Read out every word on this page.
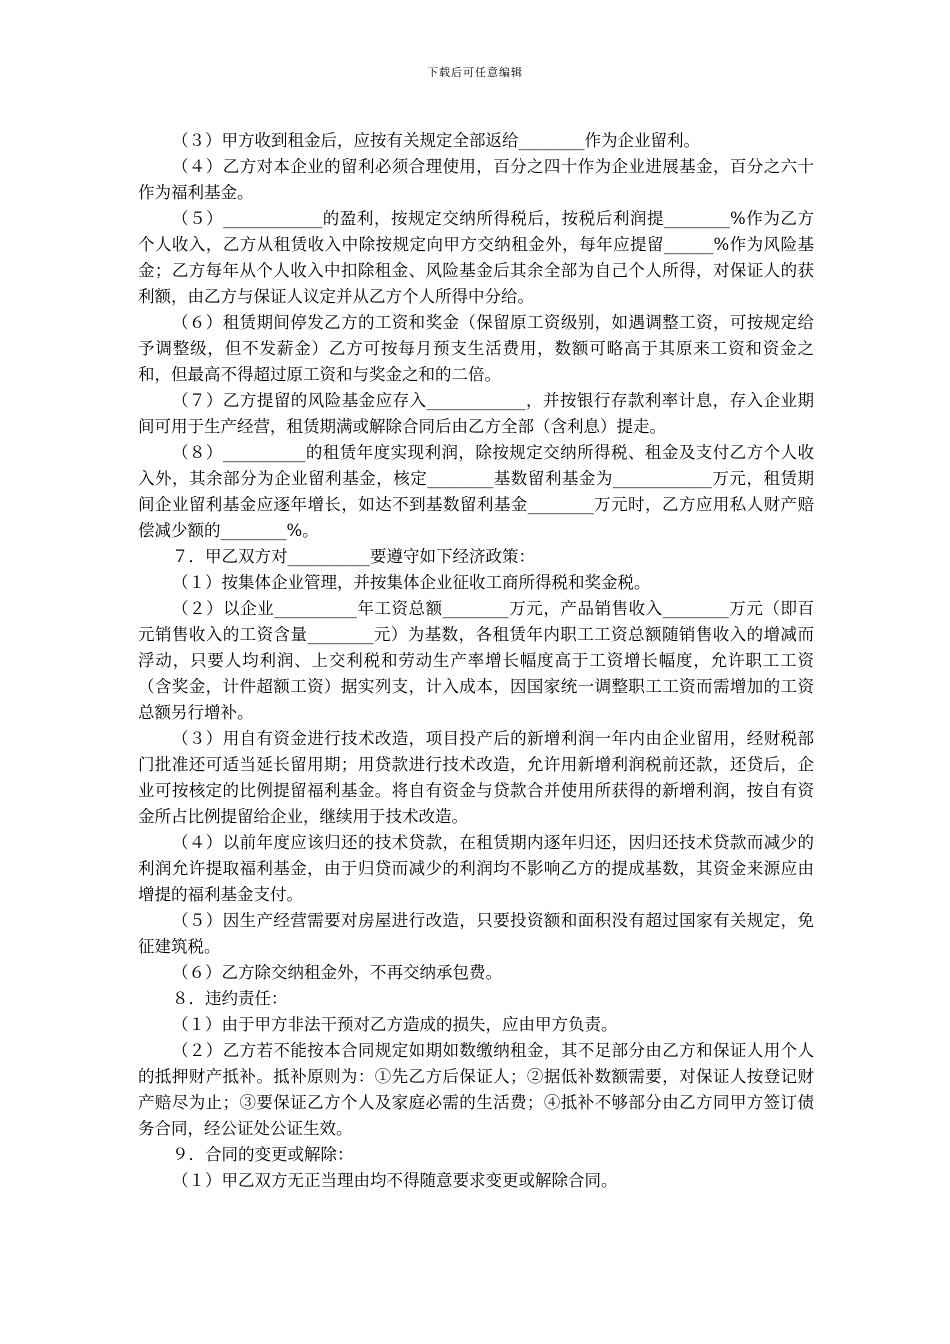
下载后可任意编辑

（３）甲方收到租金后，应按有关规定全部返给________作为企业留利。

（４）乙方对本企业的留利必须合理使用，百分之四十作为企业进展基金，百分之六十作为福利基金。

（５）____________的盈利，按规定交纳所得税后，按税后利润提________%作为乙方个人收入，乙方从租赁收入中除按规定向甲方交纳租金外，每年应提留______%作为风险基金；乙方每年从个人收入中扣除租金、风险基金后其余全部为自己个人所得，对保证人的获利额，由乙方与保证人议定并从乙方个人所得中分给。

（６）租赁期间停发乙方的工资和奖金（保留原工资级别，如遇调整工资，可按规定给予调整级，但不发薪金）乙方可按每月预支生活费用，数额可略高于其原来工资和资金之和，但最高不得超过原工资和与奖金之和的二倍。

（７）乙方提留的风险基金应存入____________，并按银行存款利率计息，存入企业期间可用于生产经营，租赁期满或解除合同后由乙方全部（含利息）提走。

（８）__________的租赁年度实现利润，除按规定交纳所得税、租金及支付乙方个人收入外，其余部分为企业留利基金，核定________基数留利基金为____________万元，租赁期间企业留利基金应逐年增长，如达不到基数留利基金________万元时，乙方应用私人财产赔偿减少额的________%。

７．甲乙双方对__________要遵守如下经济政策：

（１）按集体企业管理，并按集体企业征收工商所得税和奖金税。

（２）以企业__________年工资总额________万元，产品销售收入________万元（即百元销售收入的工资含量________元）为基数，各租赁年内职工工资总额随销售收入的增减而浮动，只要人均利润、上交利税和劳动生产率增长幅度高于工资增长幅度，允许职工工资（含奖金，计件超额工资）据实列支，计入成本，因国家统一调整职工工资而需增加的工资总额另行增补。

（３）用自有资金进行技术改造，项目投产后的新增利润一年内由企业留用，经财税部门批准还可适当延长留用期；用贷款进行技术改造，允许用新增利润税前还款，还贷后，企业可按核定的比例提留福利基金。将自有资金与贷款合并使用所获得的新增利润，按自有资金所占比例提留给企业，继续用于技术改造。

（４）以前年度应该归还的技术贷款，在租赁期内逐年归还，因归还技术贷款而减少的利润允许提取福利基金，由于归贷而减少的利润均不影响乙方的提成基数，其资金来源应由增提的福利基金支付。

（５）因生产经营需要对房屋进行改造，只要投资额和面积没有超过国家有关规定，免征建筑税。

（６）乙方除交纳租金外，不再交纳承包费。

８．违约责任：

（１）由于甲方非法干预对乙方造成的损失，应由甲方负责。

（２）乙方若不能按本合同规定如期如数缴纳租金，其不足部分由乙方和保证人用个人的抵押财产抵补。抵补原则为：①先乙方后保证人；②据低补数额需要，对保证人按登记财产赔尽为止；③要保证乙方个人及家庭必需的生活费；④抵补不够部分由乙方同甲方签订债务合同，经公证处公证生效。

９．合同的变更或解除：

（１）甲乙双方无正当理由均不得随意要求变更或解除合同。
